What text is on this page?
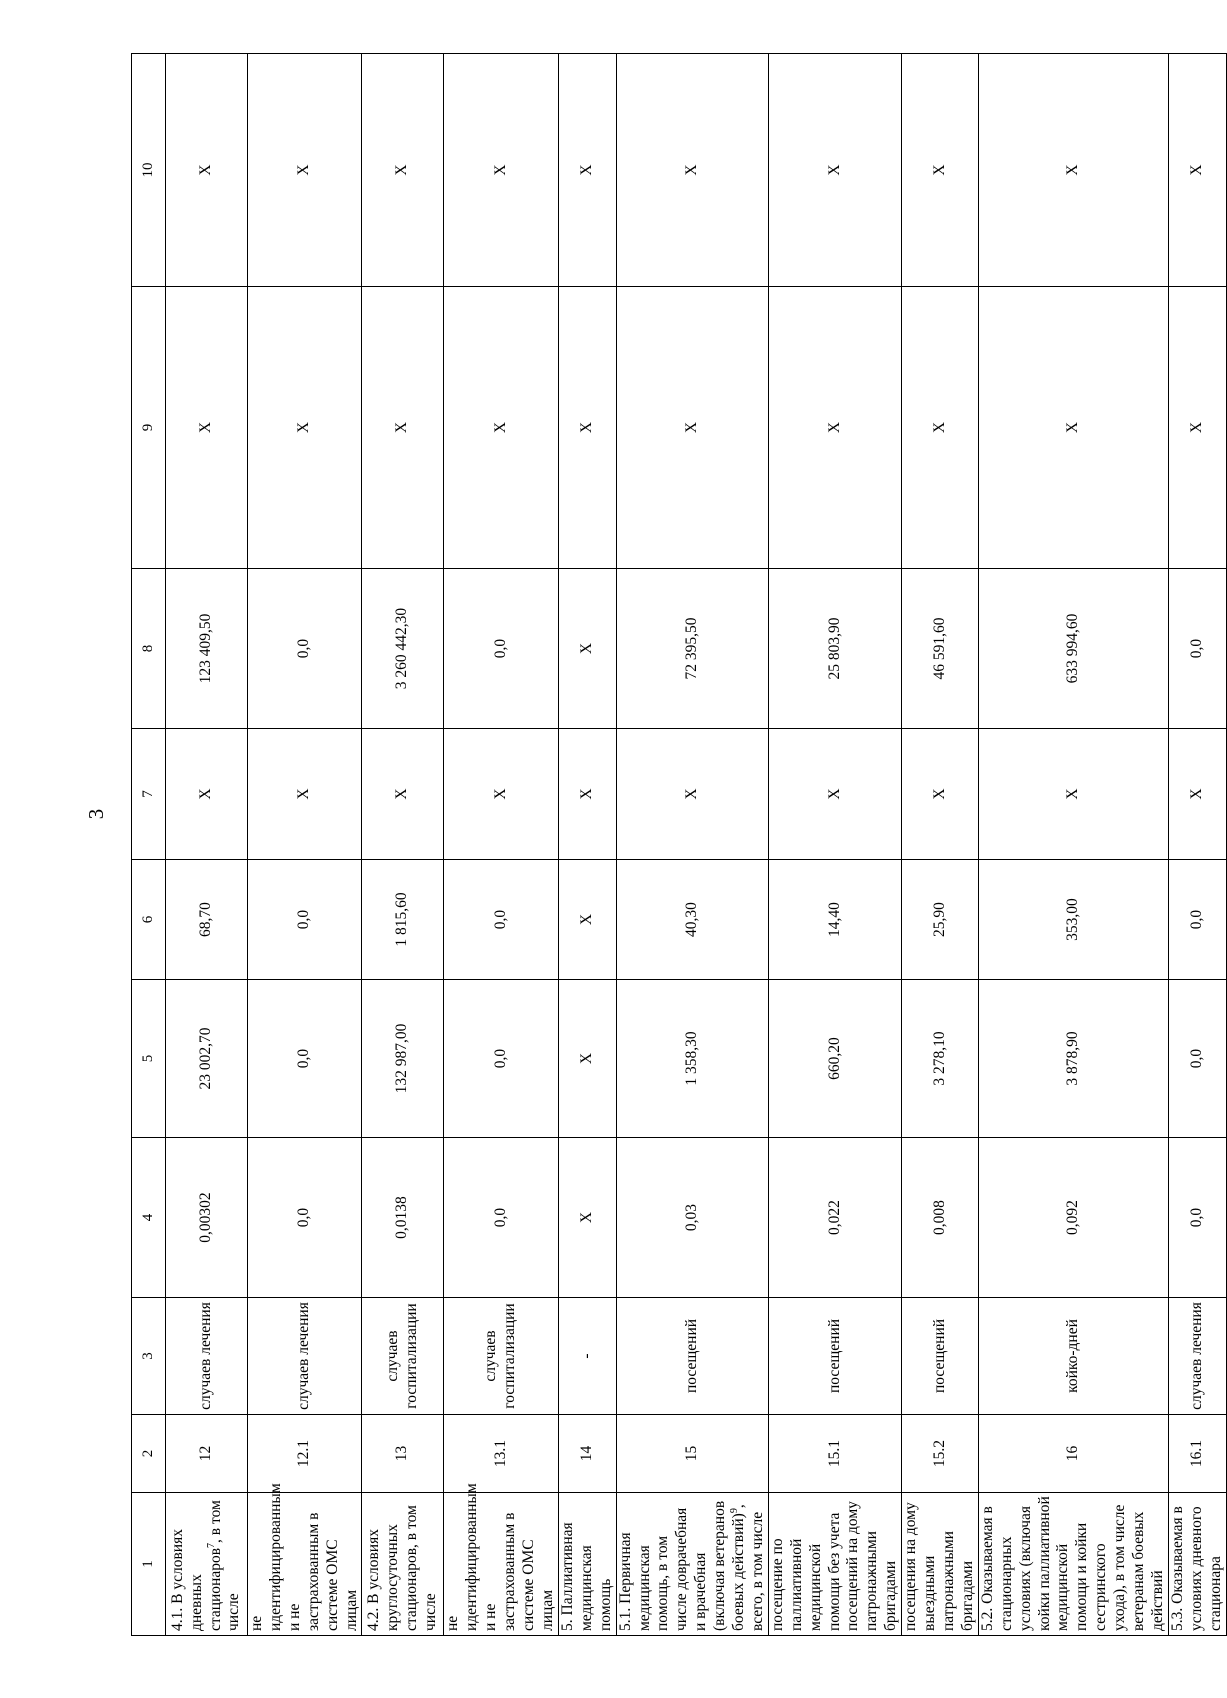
3
1	2	3	4	5	6	7	8	9	10
4.1. В условиях дневных стационаров$^7$, в том числе	12	случаев лечения	0,00302	23 002,70	68,70	Х	123 409,50	Х	Х
не идентифицированным и не застрахованным в системе ОМС лицам	12.1	случаев лечения	0,0	0,0	0,0	Х	0,0	Х	Х
4.2. В условиях круглосуточных стационаров, в том числе	13	случаев госпитализации	0,0138	132 987,00	1 815,60	Х	3 260 442,30	Х	Х
не идентифицированным и не застрахованным в системе ОМС лицам	13.1	случаев госпитализации	0,0	0,0	0,0	Х	0,0	Х	Х
5. Паллиативная медицинская помощь	14	-	Х	Х	Х	Х	Х	Х	Х
5.1. Первичная медицинская помощь, в том числе доврачебная и врачебная (включая ветеранов боевых действий)$^9$, всего, в том числе	15	посещений	0,03	1 358,30	40,30	Х	72 395,50	Х	Х
посещение по паллиативной медицинской помощи без учета посещений на дому патронажными бригадами	15.1	посещений	0,022	660,20	14,40	Х	25 803,90	Х	Х
посещения на дому выездными патронажными бригадами	15.2	посещений	0,008	3 278,10	25,90	Х	46 591,60	Х	Х
5.2. Оказываемая в стационарных условиях (включая койки паллиативной медицинской помощи и койки сестринского ухода), в том числе ветеранам боевых действий	16	койко-дней	0,092	3 878,90	353,00	Х	633 994,60	Х	Х
5.3. Оказываемая в условиях дневного стационара	16.1	случаев лечения	0,0	0,0	0,0	Х	0,0	Х	Х
